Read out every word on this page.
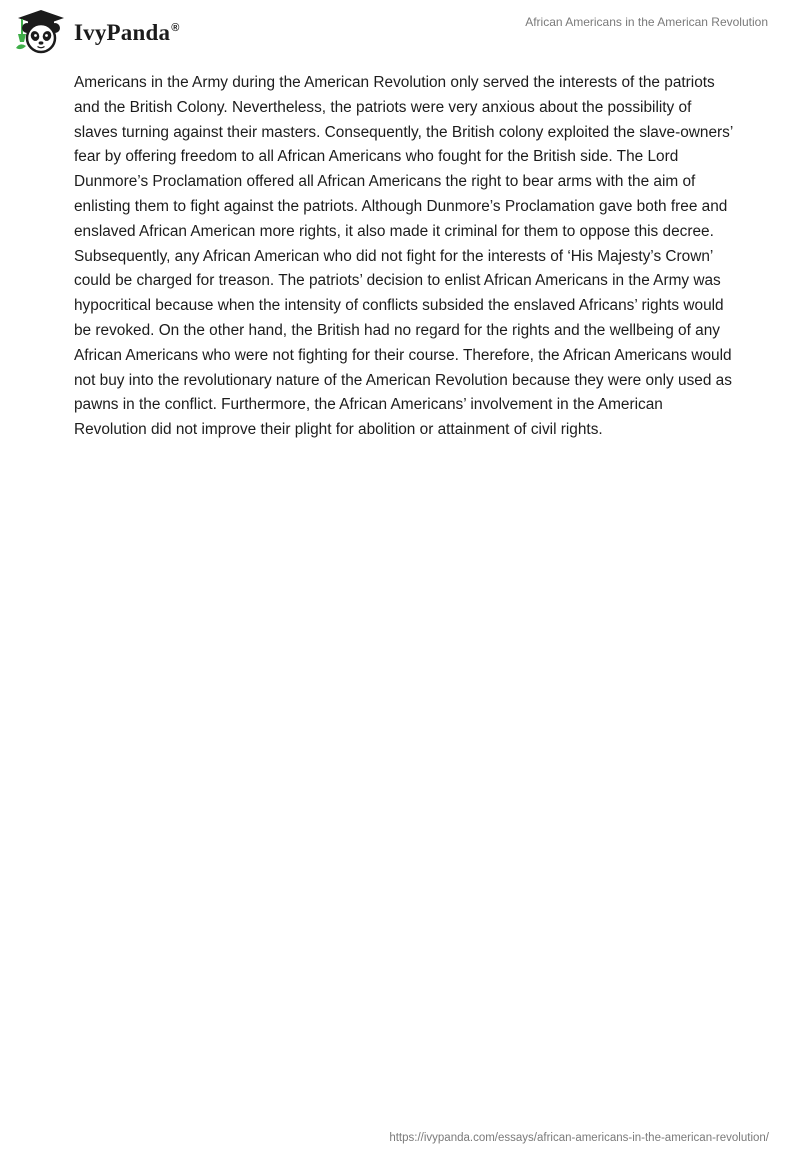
IvyPanda®	African Americans in the American Revolution

Americans in the Army during the American Revolution only served the interests of the patriots and the British Colony. Nevertheless, the patriots were very anxious about the possibility of slaves turning against their masters. Consequently, the British colony exploited the slave-owners’ fear by offering freedom to all African Americans who fought for the British side. The Lord Dunmore’s Proclamation offered all African Americans the right to bear arms with the aim of enlisting them to fight against the patriots. Although Dunmore’s Proclamation gave both free and enslaved African American more rights, it also made it criminal for them to oppose this decree. Subsequently, any African American who did not fight for the interests of ‘His Majesty’s Crown’ could be charged for treason. The patriots’ decision to enlist African Americans in the Army was hypocritical because when the intensity of conflicts subsided the enslaved Africans’ rights would be revoked. On the other hand, the British had no regard for the rights and the wellbeing of any African Americans who were not fighting for their course. Therefore, the African Americans would not buy into the revolutionary nature of the American Revolution because they were only used as pawns in the conflict. Furthermore, the African Americans’ involvement in the American Revolution did not improve their plight for abolition or attainment of civil rights.

https://ivypanda.com/essays/african-americans-in-the-american-revolution/
